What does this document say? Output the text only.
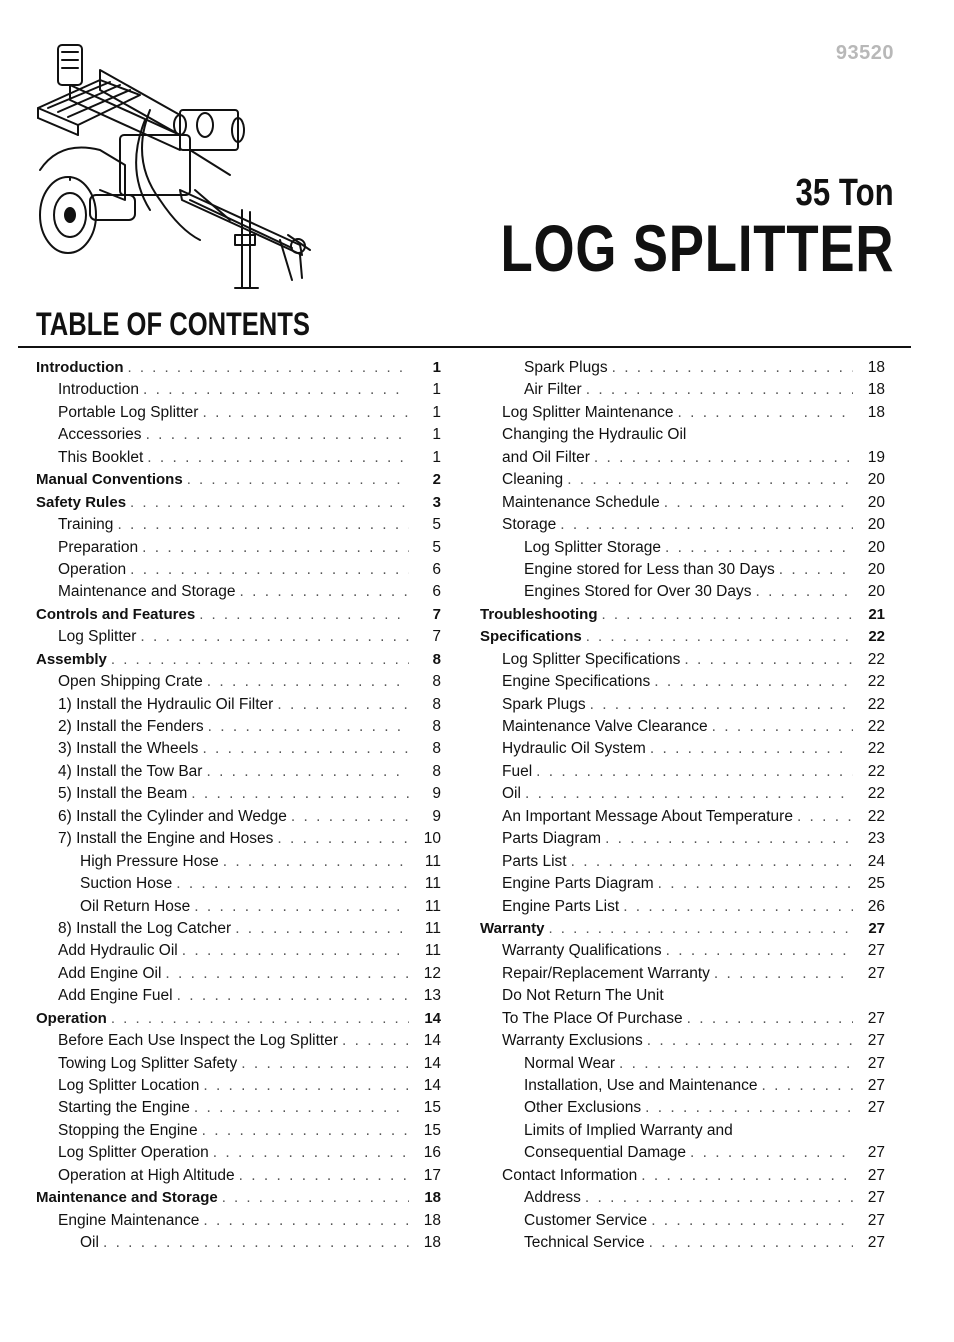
93520
35 Ton
LOG SPLITTER
TABLE OF CONTENTS
Introduction . . .	1
Introduction . . .	1
Portable Log Splitter . . .	1
Accessories . . .	1
This Booklet . . .	1
Manual Conventions . . .	2
Safety Rules . . .	3
Training . . .	5
Preparation . . .	5
Operation . . .	6
Maintenance and Storage . . .	6
Controls and Features . . .	7
Log Splitter . . .	7
Assembly . . .	8
Open Shipping Crate . . .	8
1) Install the Hydraulic Oil Filter . . .	8
2) Install the Fenders . . .	8
3) Install the Wheels . . .	8
4) Install the Tow Bar . . .	8
5) Install the Beam . . .	9
6) Install the Cylinder and Wedge . . .	9
7) Install the Engine and Hoses . . .	10
High Pressure Hose . . .	11
Suction Hose . . .	11
Oil Return Hose . . .	11
8) Install the Log Catcher . . .	11
Add Hydraulic Oil . . .	11
Add Engine Oil . . .	12
Add Engine Fuel . . .	13
Operation . . .	14
Before Each Use Inspect the Log Splitter . . .	14
Towing Log Splitter Safety . . .	14
Log Splitter Location . . .	14
Starting the Engine . . .	15
Stopping the Engine . . .	15
Log Splitter Operation . . .	16
Operation at High Altitude . . .	17
Maintenance and Storage . . .	18
Engine Maintenance . . .	18
Oil . . .	18
Spark Plugs . . .	18
Air Filter . . .	18
Log Splitter Maintenance . . .	18
Changing the Hydraulic Oil
and Oil Filter . . .	19
Cleaning . . .	20
Maintenance Schedule . . .	20
Storage . . .	20
Log Splitter Storage . . .	20
Engine stored for Less than 30 Days . . .	20
Engines Stored for Over 30 Days . . .	20
Troubleshooting . . .	21
Specifications . . .	22
Log Splitter Specifications . . .	22
Engine Specifications . . .	22
Spark Plugs . . .	22
Maintenance Valve Clearance . . .	22
Hydraulic Oil System . . .	22
Fuel . . .	22
Oil . . .	22
An Important Message About Temperature . . .	22
Parts Diagram . . .	23
Parts List . . .	24
Engine Parts Diagram . . .	25
Engine Parts List . . .	26
Warranty . . .	27
Warranty Qualifications . . .	27
Repair/Replacement Warranty . . .	27
Do Not Return The Unit
To The Place Of Purchase . . .	27
Warranty Exclusions . . .	27
Normal Wear . . .	27
Installation, Use and Maintenance . . .	27
Other Exclusions . . .	27
Limits of Implied Warranty and
Consequential Damage . . .	27
Contact Information . . .	27
Address . . .	27
Customer Service . . .	27
Technical Service . . .	27
